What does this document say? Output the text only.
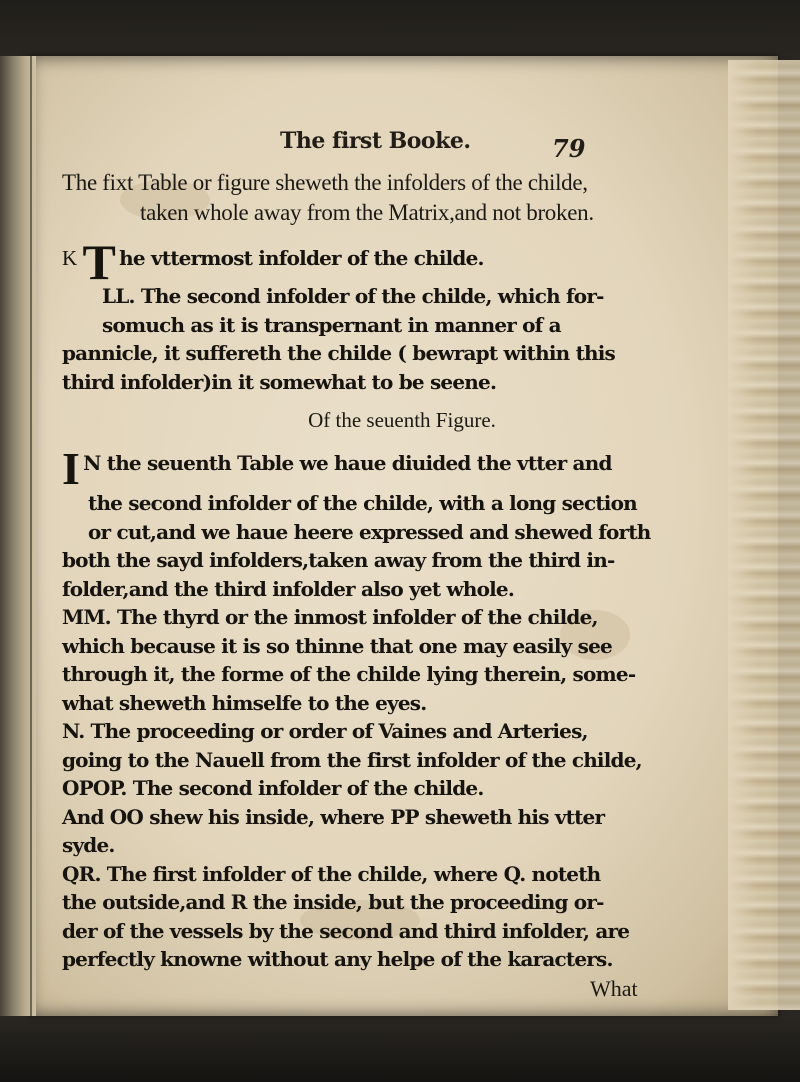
The first Booke.	79

The fixt Table or figure sheweth the infolders of the childe,
taken whole away from the Matrix,and not broken.

K T he vttermost infolder of the childe.
LL. The second infolder of the childe, which for-
somuch as it is transpernant in manner of a
pannicle, it suffereth the childe ( bewrapt within this
third infolder)in it somewhat to be seene.
Of the seuenth Figure.
I N the seuenth Table we haue diuided the vtter and
the second infolder of the childe, with a long section
or cut,and we haue heere expressed and shewed forth
both the sayd infolders,taken away from the third in-
folder,and the third infolder also yet whole.
MM. The thyrd or the inmost infolder of the childe,
which because it is so thinne that one may easily see
through it, the forme of the childe lying therein, some-
what sheweth himselfe to the eyes.
N. The proceeding or order of Vaines and Arteries,
going to the Nauell from the first infolder of the childe,
OPOP. The second infolder of the childe.
And OO shew his inside, where PP sheweth his vtter
syde.
QR. The first infolder of the childe, where Q. noteth
the outside,and R the inside, but the proceeding or-
der of the vessels by the second and third infolder, are
perfectly knowne without any helpe of the karacters.
What
